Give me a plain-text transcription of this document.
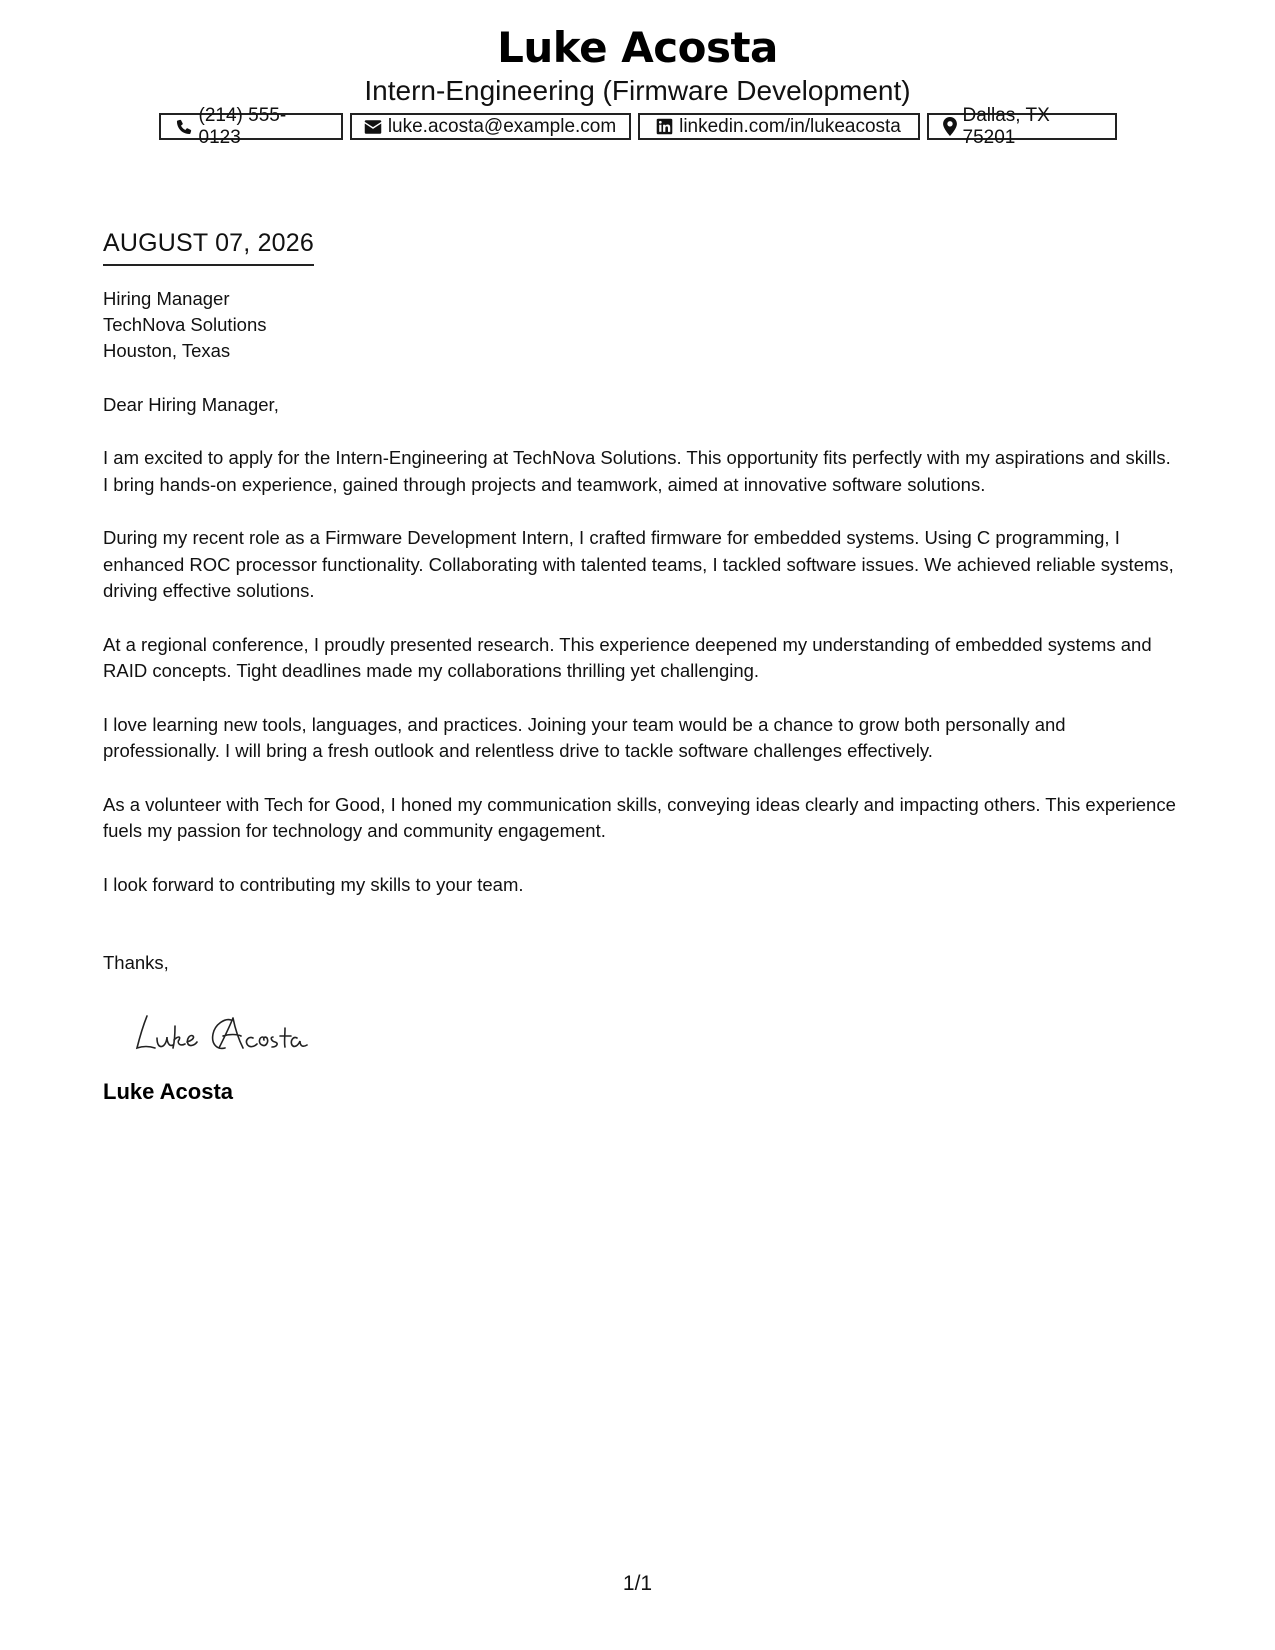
Luke Acosta
Intern-Engineering (Firmware Development)
(214) 555-0123
luke.acosta@example.com	linkedin.com/in/lukeacosta
Dallas, TX 75201
AUGUST 07, 2026
Hiring Manager
TechNova Solutions
Houston, Texas
Dear Hiring Manager,
I am excited to apply for the Intern-Engineering at TechNova Solutions. This opportunity fits perfectly with my aspirations and skills. I bring hands-on experience, gained through projects and teamwork, aimed at innovative software solutions.
During my recent role as a Firmware Development Intern, I crafted firmware for embedded systems. Using C programming, I enhanced ROC processor functionality. Collaborating with talented teams, I tackled software issues. We achieved reliable systems, driving effective solutions.
At a regional conference, I proudly presented research. This experience deepened my understanding of embedded systems and RAID concepts. Tight deadlines made my collaborations thrilling yet challenging.
I love learning new tools, languages, and practices. Joining your team would be a chance to grow both personally and professionally. I will bring a fresh outlook and relentless drive to tackle software challenges effectively.
As a volunteer with Tech for Good, I honed my communication skills, conveying ideas clearly and impacting others. This experience fuels my passion for technology and community engagement.
I look forward to contributing my skills to your team.
Thanks,
Luke Acosta
1/1
